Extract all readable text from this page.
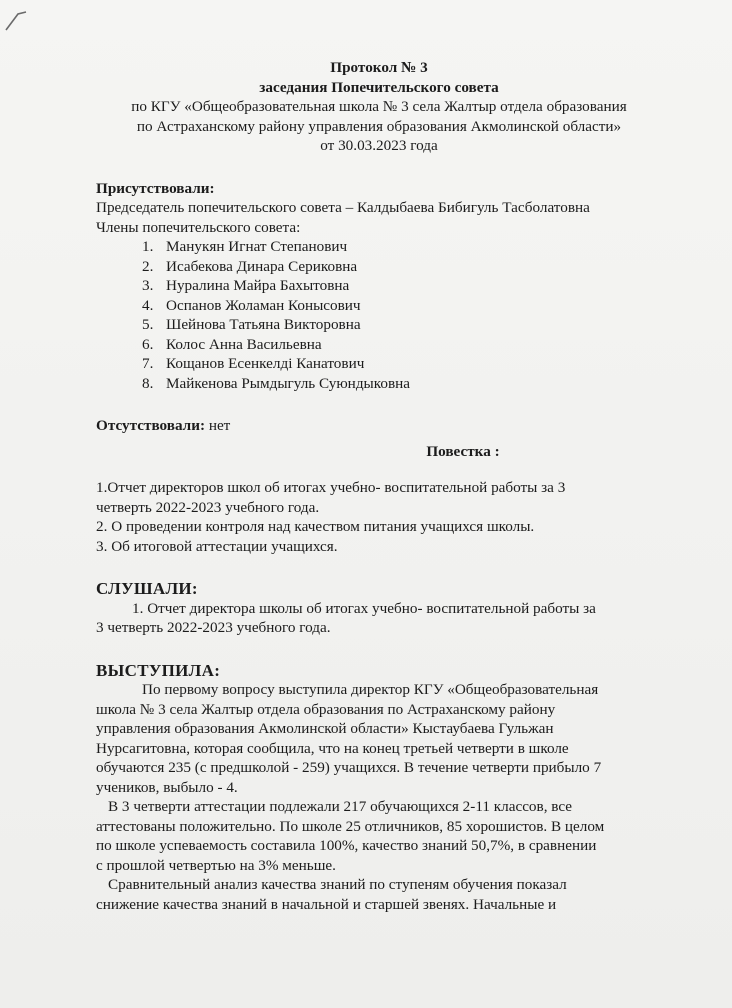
Протокол № 3

заседания Попечительского совета

по КГУ «Общеобразовательная школа № 3 села Жалтыр отдела образования

по Астраханскому району управления образования Акмолинской области»

от 30.03.2023 года

Присутствовали:

Председатель попечительского совета – Калдыбаева Бибигуль Тасболатовна

Члены попечительского совета:

1. Манукян Игнат Степанович
2. Исабекова Динара Сериковна
3. Нуралина Майра Бахытовна
4. Оспанов Жоламан Конысович
5. Шейнова Татьяна Викторовна
6. Колос Анна Васильевна
7. Кощанов Есенкелді Канатович
8. Майкенова Рымдыгуль Суюндыковна

Отсутствовали: нет

Повестка :

1.Отчет директоров школ об итогах учебно- воспитательной работы за 3

четверть 2022-2023 учебного года.

2. О проведении контроля над качеством питания учащихся школы.

3. Об итоговой аттестации учащихся.

СЛУШАЛИ:

1. Отчет директора школы об итогах учебно- воспитательной работы за

3 четверть 2022-2023 учебного года.

ВЫСТУПИЛА:

По первому вопросу выступила директор КГУ «Общеобразовательная

школа № 3 села Жалтыр отдела образования по Астраханскому району

управления образования Акмолинской области» Кыстаубаева Гульжан

Нурсагитовна, которая сообщила, что на конец третьей четверти в школе

обучаются 235 (с предшколой - 259) учащихся. В течение четверти прибыло 7

учеников, выбыло - 4.

В 3 четверти аттестации подлежали 217 обучающихся 2-11 классов, все

аттестованы положительно. По школе 25 отличников, 85 хорошистов. В целом

по школе успеваемость составила 100%, качество знаний 50,7%, в сравнении

с прошлой четвертью на 3% меньше.

Сравнительный анализ качества знаний по ступеням обучения показал

снижение качества знаний в начальной и старшей звенях. Начальные и
